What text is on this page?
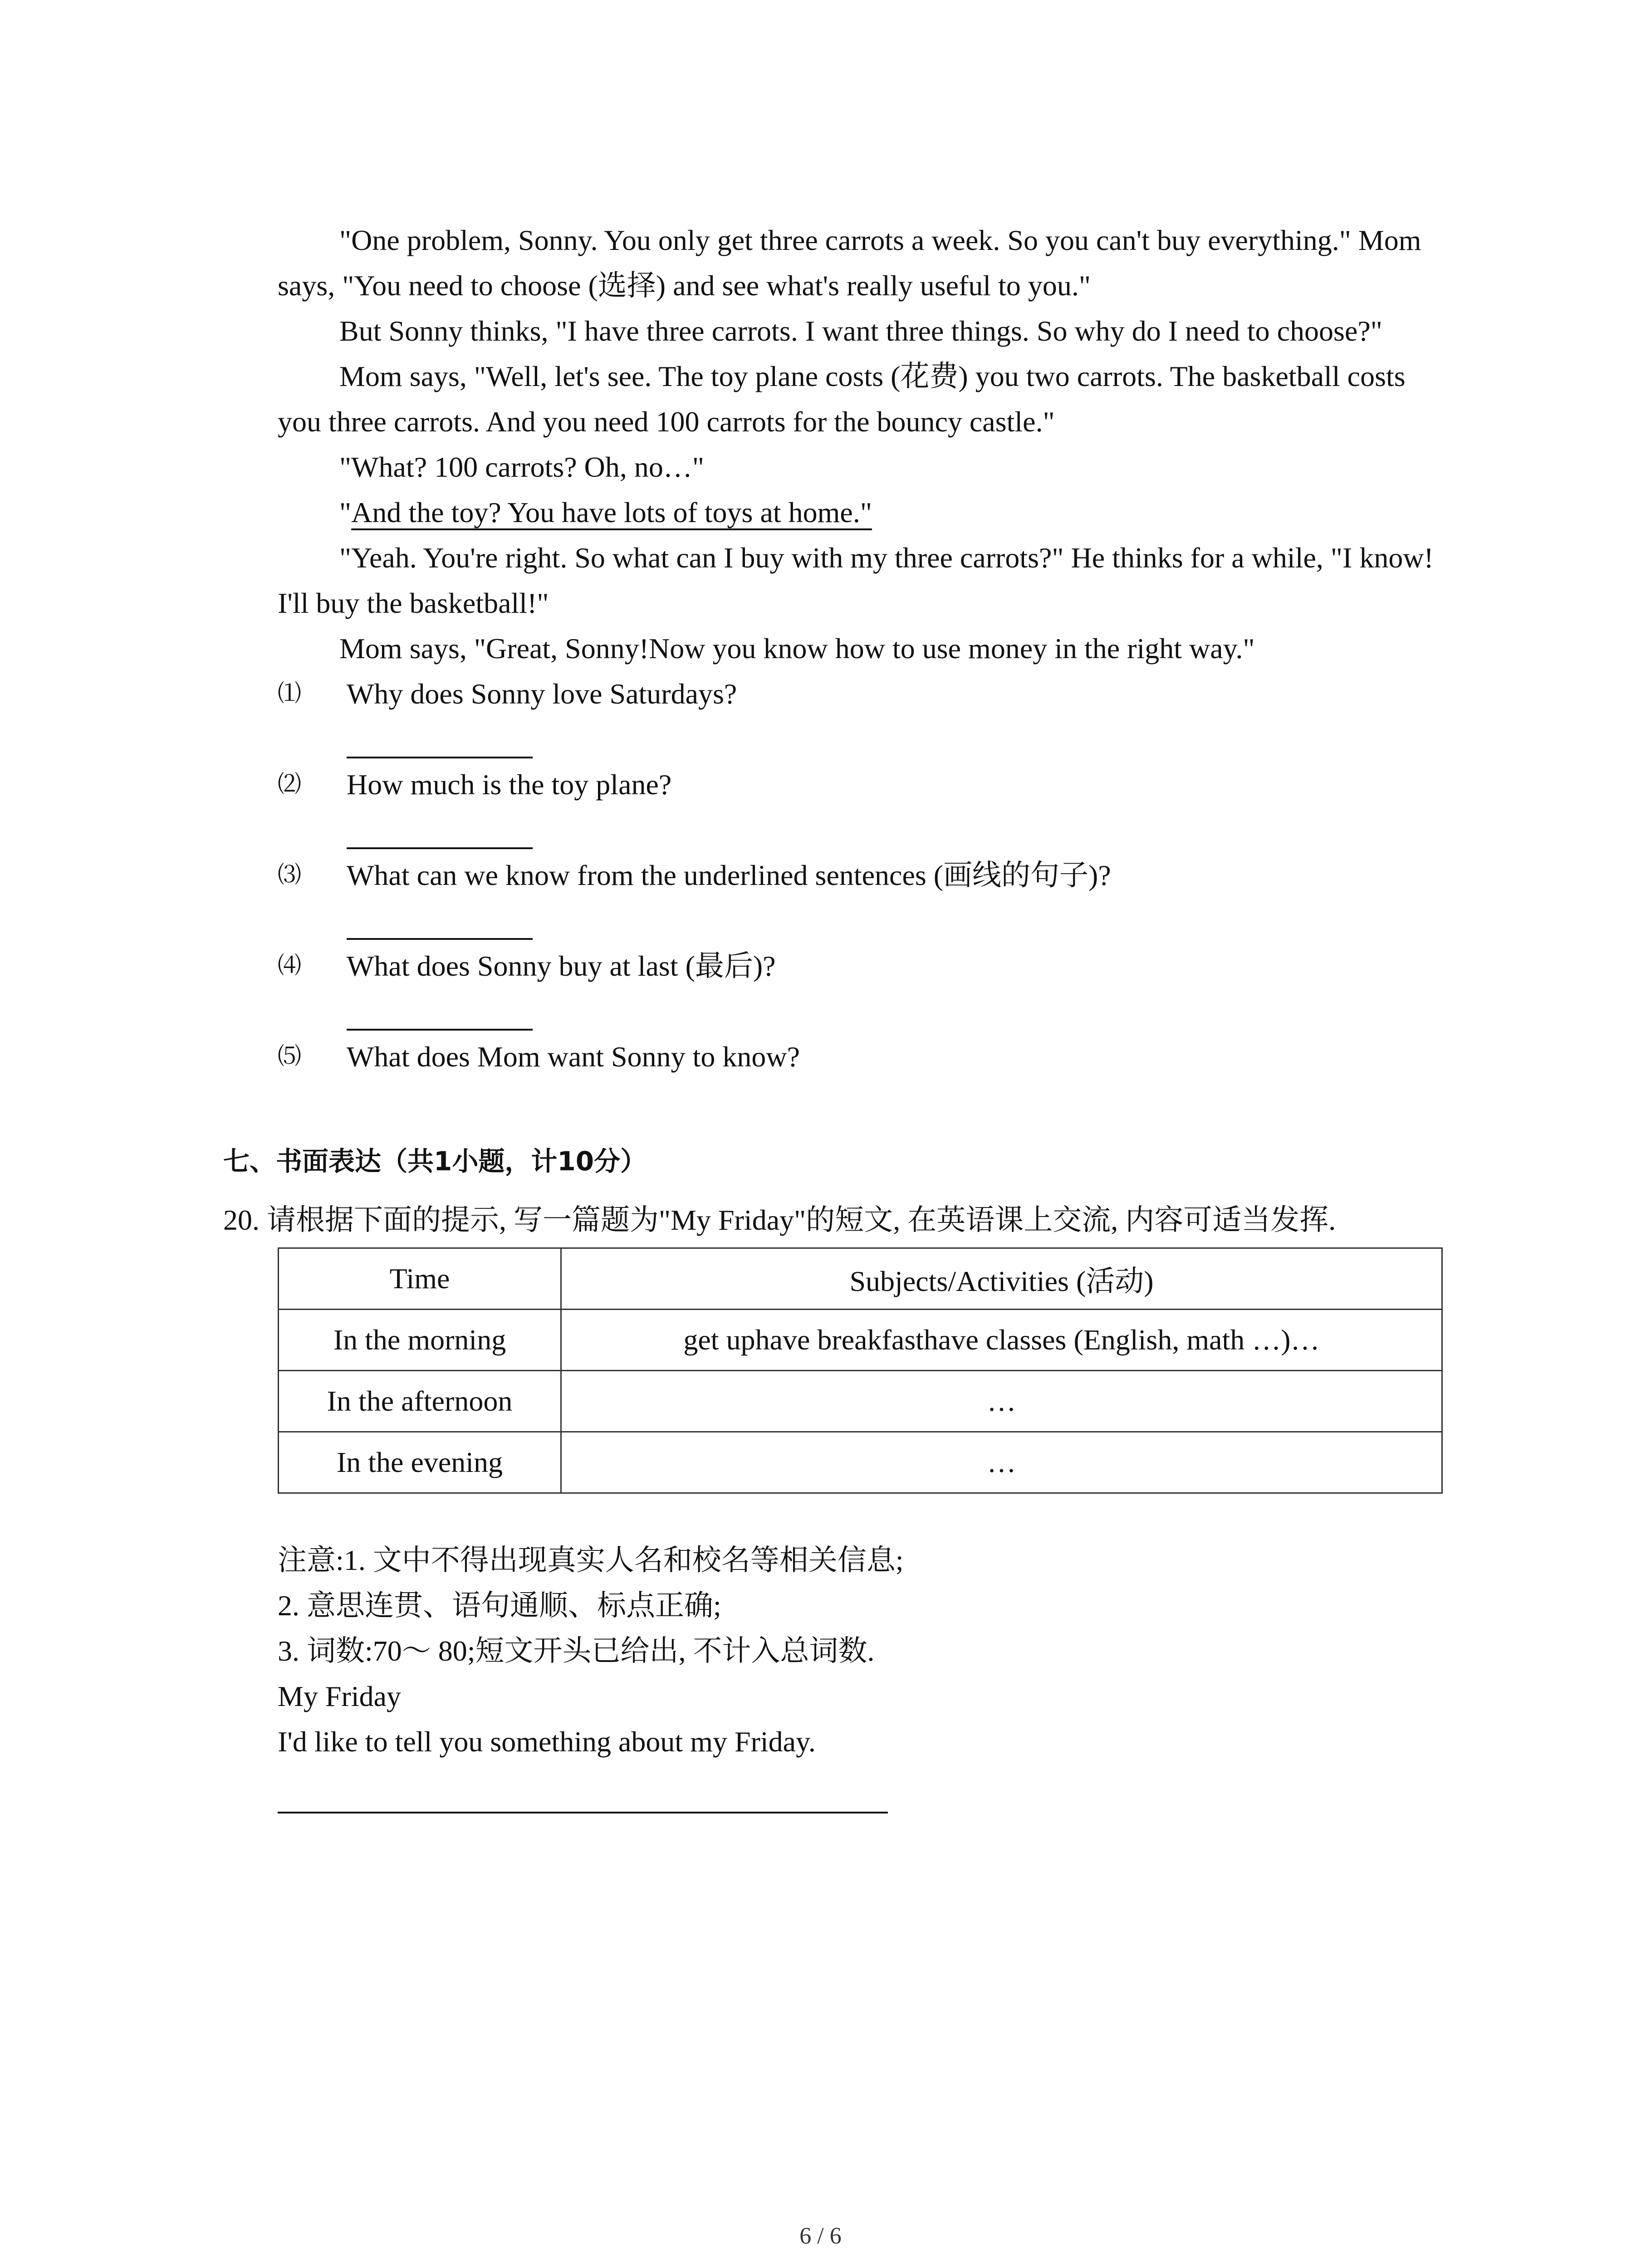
"One problem, Sonny. You only get three carrots a week. So you can't buy everything." Mom says, "You need to choose (选择) and see what's really useful to you."

But Sonny thinks, "I have three carrots. I want three things. So why do I need to choose?"

Mom says, "Well, let's see. The toy plane costs (花费) you two carrots. The basketball costs you three carrots. And you need 100 carrots for the bouncy castle."

"What? 100 carrots? Oh, no…"

"And the toy? You have lots of toys at home."

"Yeah. You're right. So what can I buy with my three carrots?" He thinks for a while, "I know! I'll buy the basketball!"

Mom says, "Great, Sonny!Now you know how to use money in the right way."

⑴ Why does Sonny love Saturdays?
⑵ How much is the toy plane?
⑶ What can we know from the underlined sentences (画线的句子)?
⑷ What does Sonny buy at last (最后)?
⑸ What does Mom want Sonny to know?
七、书面表达（共1小题，计10分）
20. 请根据下面的提示, 写一篇题为"My Friday"的短文, 在英语课上交流, 内容可适当发挥.
Time	Subjects/Activities (活动)
In the morning	get uphave breakfasthave classes (English, math …)…
In the afternoon	…
In the evening	…
注意:1. 文中不得出现真实人名和校名等相关信息;
2. 意思连贯、语句通顺、标点正确;
3. 词数:70～ 80;短文开头已给出, 不计入总词数.
My Friday
I'd like to tell you something about my Friday.
6 / 6
